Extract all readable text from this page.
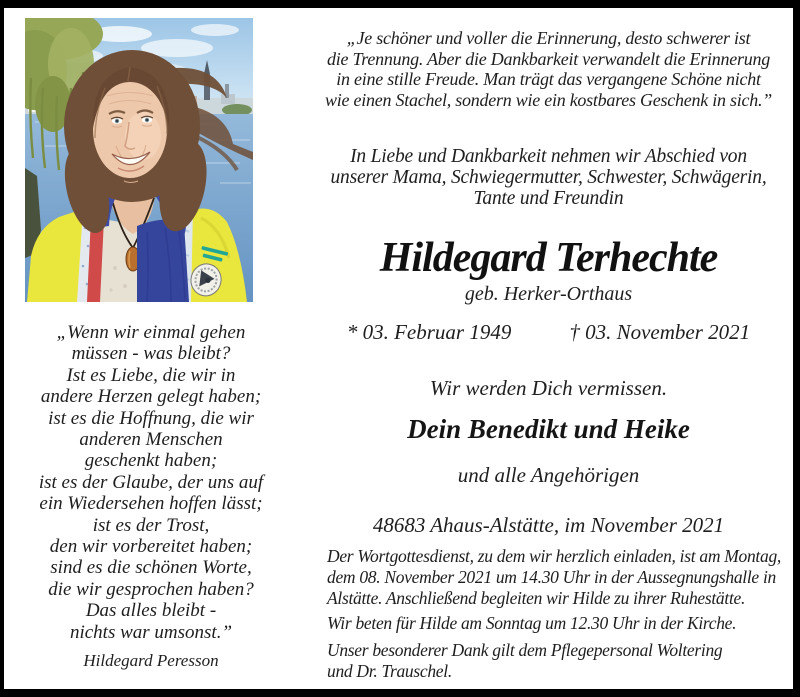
„Wenn wir einmal gehen
müssen - was bleibt?
Ist es Liebe, die wir in
andere Herzen gelegt haben;
ist es die Hoffnung, die wir
anderen Menschen
geschenkt haben;
ist es der Glaube, der uns auf
ein Wiedersehen hoffen lässt;
ist es der Trost,
den wir vorbereitet haben;
sind es die schönen Worte,
die wir gesprochen haben?
Das alles bleibt -
nichts war umsonst.”
Hildegard Peresson
„Je schöner und voller die Erinnerung, desto schwerer ist
die Trennung. Aber die Dankbarkeit verwandelt die Erinnerung
in eine stille Freude. Man trägt das vergangene Schöne nicht
wie einen Stachel, sondern wie ein kostbares Geschenk in sich.”
In Liebe und Dankbarkeit nehmen wir Abschied von
unserer Mama, Schwiegermutter, Schwester, Schwägerin,
Tante und Freundin
Hildegard Terhechte
geb. Herker-Orthaus
* 03. Februar 1949	† 03. November 2021
Wir werden Dich vermissen.
Dein Benedikt und Heike
und alle Angehörigen
48683 Ahaus-Alstätte, im November 2021
Der Wortgottesdienst, zu dem wir herzlich einladen, ist am Montag,
dem 08. November 2021 um 14.30 Uhr in der Aussegnungshalle in
Alstätte. Anschließend begleiten wir Hilde zu ihrer Ruhestätte.
Wir beten für Hilde am Sonntag um 12.30 Uhr in der Kirche.
Unser besonderer Dank gilt dem Pflegepersonal Woltering
und Dr. Trauschel.
